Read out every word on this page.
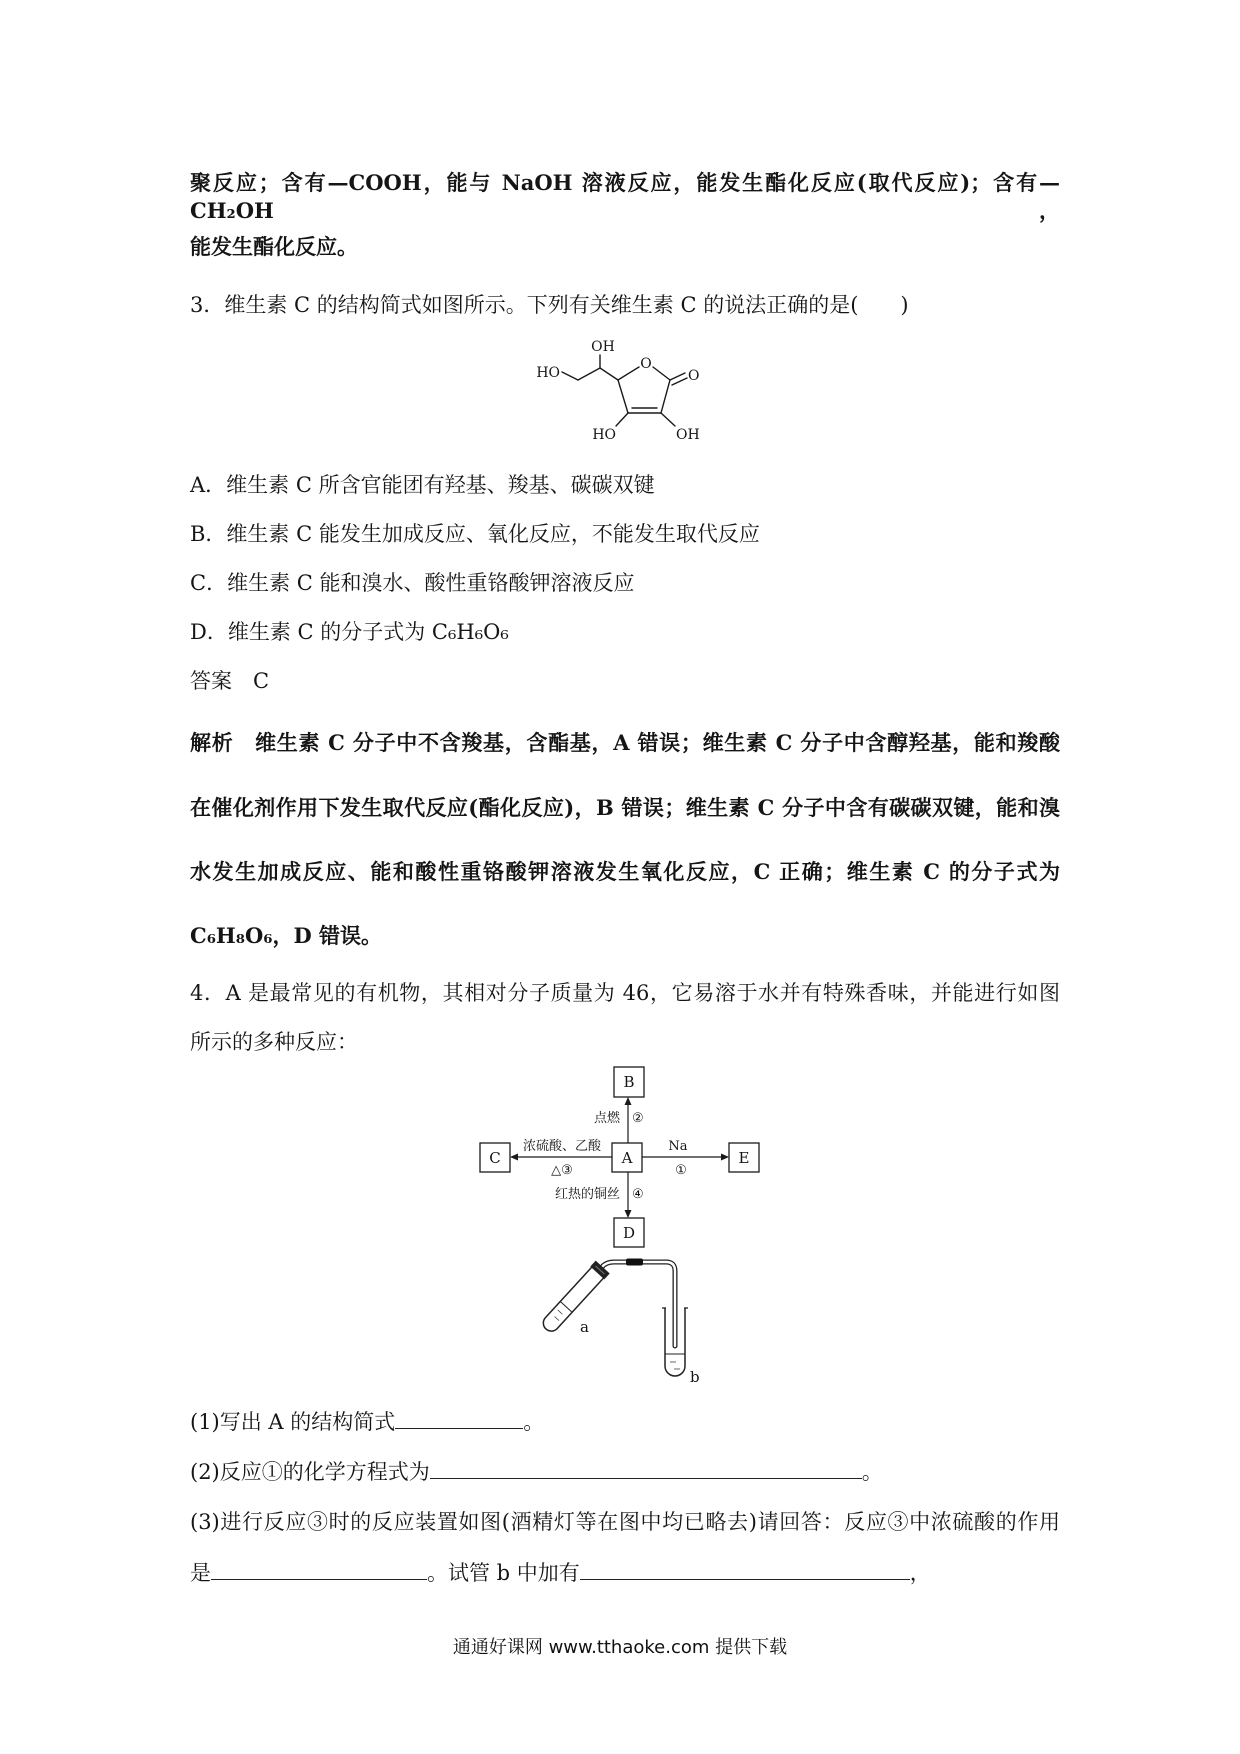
聚反应；含有—COOH，能与 NaOH 溶液反应，能发生酯化反应(取代反应)；含有—CH₂OH，
能发生酯化反应。
3．维生素 C 的结构简式如图所示。下列有关维生素 C 的说法正确的是(　　)
OH
HO
O
O
HO	OH
A．维生素 C 所含官能团有羟基、羧基、碳碳双键
B．维生素 C 能发生加成反应、氧化反应，不能发生取代反应
C．维生素 C 能和溴水、酸性重铬酸钾溶液反应
D．维生素 C 的分子式为 C₆H₆O₆
答案　C
解析　维生素 C 分子中不含羧基，含酯基，A 错误；维生素 C 分子中含醇羟基，能和羧酸
在催化剂作用下发生取代反应(酯化反应)，B 错误；维生素 C 分子中含有碳碳双键，能和溴
水发生加成反应、能和酸性重铬酸钾溶液发生氧化反应，C 正确；维生素 C 的分子式为
C₆H₈O₆，D 错误。
4．A 是最常见的有机物，其相对分子质量为 46，它易溶于水并有特殊香味，并能进行如图
所示的多种反应：
B
A
C	E
D
点燃 ②
浓硫酸、乙酸
△③
Na
①
红热的铜丝 ④
a
b
(1)写出 A 的结构简式	。
(2)反应①的化学方程式为	。
(3)进行反应③时的反应装置如图(酒精灯等在图中均已略去)请回答：反应③中浓硫酸的作用
是	。试管 b 中加有	，
通通好课网 www.tthaoke.com 提供下载
